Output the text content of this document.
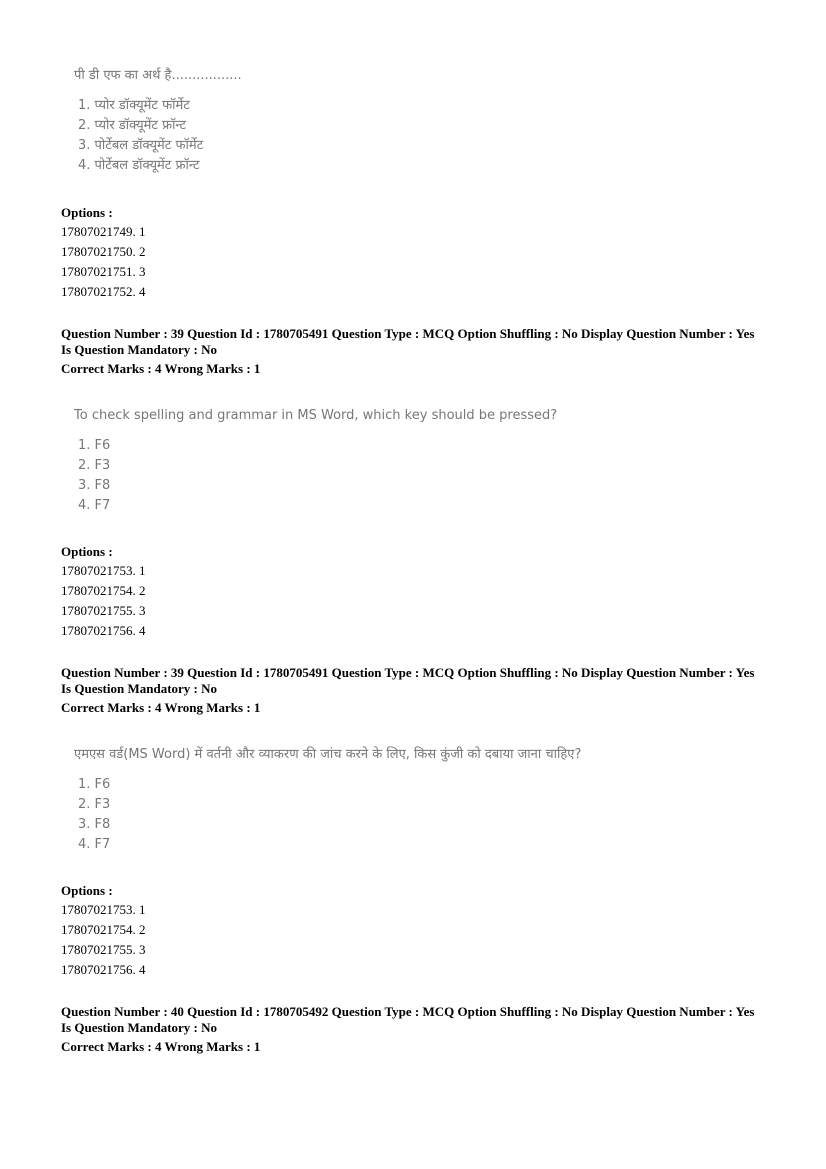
पी डी एफ का अर्थ है.................

1. प्योर डॉक्यूमेंट फॉर्मेट
2. प्योर डॉक्यूमेंट फ्रॉन्ट
3. पोर्टेबल डॉक्यूमेंट फॉर्मेट
4. पोर्टेबल डॉक्यूमेंट फ्रॉन्ट

Options :

17807021749. 1

17807021750. 2

17807021751. 3

17807021752. 4

Question Number : 39 Question Id : 1780705491 Question Type : MCQ Option Shuffling : No Display Question Number : Yes

Is Question Mandatory : No

Correct Marks : 4 Wrong Marks : 1

To check spelling and grammar in MS Word, which key should be pressed?

1. F6
2. F3
3. F8
4. F7

Options :

17807021753. 1

17807021754. 2

17807021755. 3

17807021756. 4

Question Number : 39 Question Id : 1780705491 Question Type : MCQ Option Shuffling : No Display Question Number : Yes

Is Question Mandatory : No

Correct Marks : 4 Wrong Marks : 1

एमएस वर्ड(MS Word) में वर्तनी और व्याकरण की जांच करने के लिए, किस कुंजी को दबाया जाना चाहिए?

1. F6
2. F3
3. F8
4. F7

Options :

17807021753. 1

17807021754. 2

17807021755. 3

17807021756. 4

Question Number : 40 Question Id : 1780705492 Question Type : MCQ Option Shuffling : No Display Question Number : Yes

Is Question Mandatory : No

Correct Marks : 4 Wrong Marks : 1
